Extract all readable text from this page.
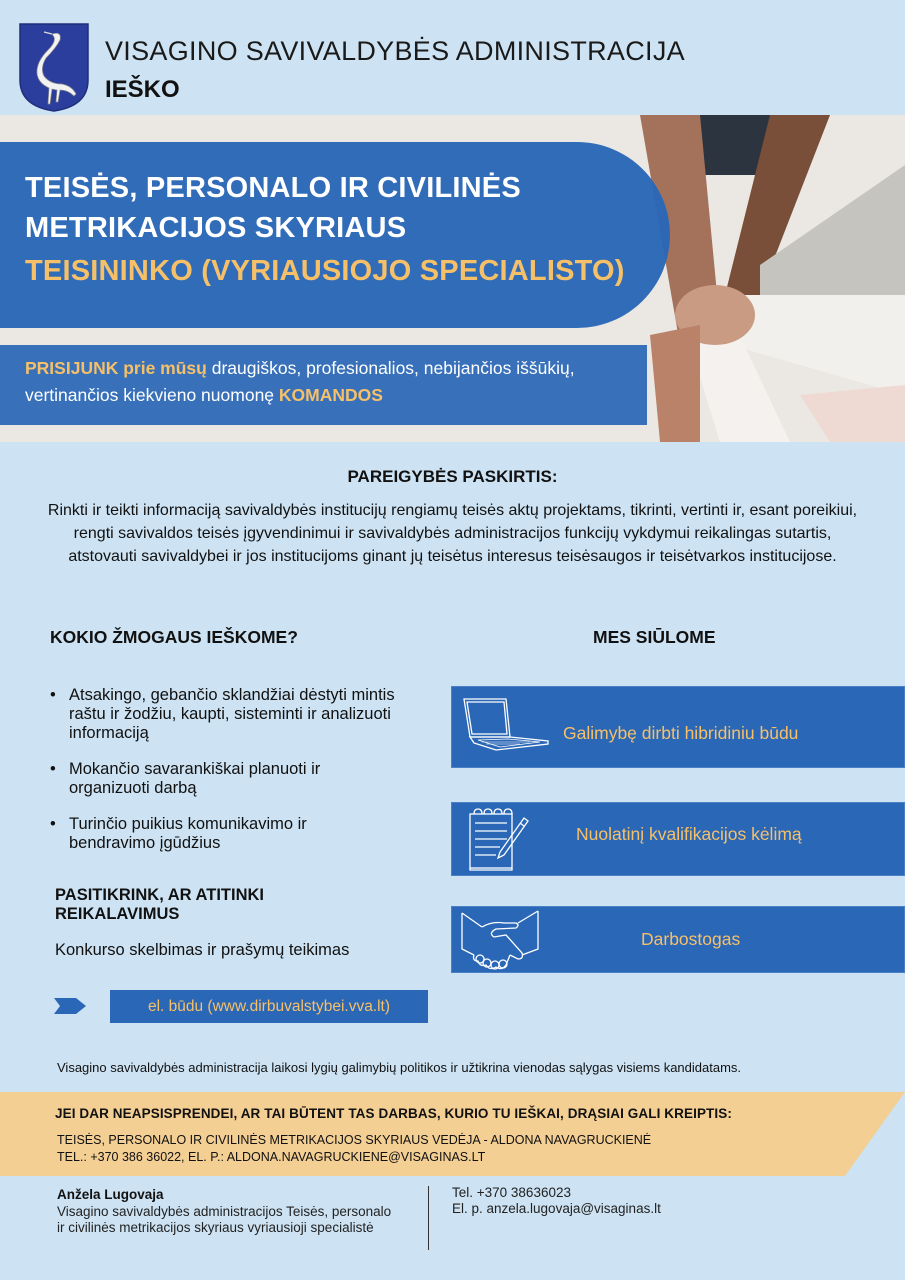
VISAGINO SAVIVALDYBĖS ADMINISTRACIJA
IEŠKO
TEISĖS, PERSONALO IR CIVILINĖS
METRIKACIJOS SKYRIAUS
TEISININKO (VYRIAUSIOJO SPECIALISTO)
PRISIJUNK prie mūsų draugiškos, profesionalios, nebijančios iššūkių, vertinančios kiekvieno nuomonę KOMANDOS
PAREIGYBĖS PASKIRTIS:
Rinkti ir teikti informaciją savivaldybės institucijų rengiamų teisės aktų projektams, tikrinti, vertinti ir, esant poreikiui, rengti savivaldos teisės įgyvendinimui ir savivaldybės administracijos funkcijų vykdymui reikalingas sutartis, atstovauti savivaldybei ir jos institucijoms ginant jų teisėtus interesus teisėsaugos ir teisėtvarkos institucijose.
KOKIO ŽMOGAUS IEŠKOME?
• Atsakingo, gebančio sklandžiai dėstyti mintis raštu ir žodžiu, kaupti, sisteminti ir analizuoti informaciją
• Mokančio savarankiškai planuoti ir organizuoti darbą
• Turinčio puikius komunikavimo ir bendravimo įgūdžius
PASITIKRINK, AR ATITINKI REIKALAVIMUS
Konkurso skelbimas ir prašymų teikimas
el. būdu (www.dirbuvalstybei.vva.lt)
MES SIŪLOME
Galimybę dirbti hibridiniu būdu
Nuolatinį kvalifikacijos kėlimą
Darbostogas
Visagino savivaldybės administracija laikosi lygių galimybių politikos ir užtikrina vienodas sąlygas visiems kandidatams.
JEI DAR NEAPSISPRENDEI, AR TAI BŪTENT TAS DARBAS, KURIO TU IEŠKAI, DRĄSIAI GALI KREIPTIS:
TEISĖS, PERSONALO IR CIVILINĖS METRIKACIJOS SKYRIAUS VEDĖJA - ALDONA NAVAGRUCKIENĖ
TEL.: +370 386 36022, EL. P.: ALDONA.NAVAGRUCKIENE@VISAGINAS.LT
Anžela Lugovaja
Visagino savivaldybės administracijos Teisės, personalo ir civilinės metrikacijos skyriaus vyriausioji specialistė
Tel. +370 38636023
El. p. anzela.lugovaja@visaginas.lt
